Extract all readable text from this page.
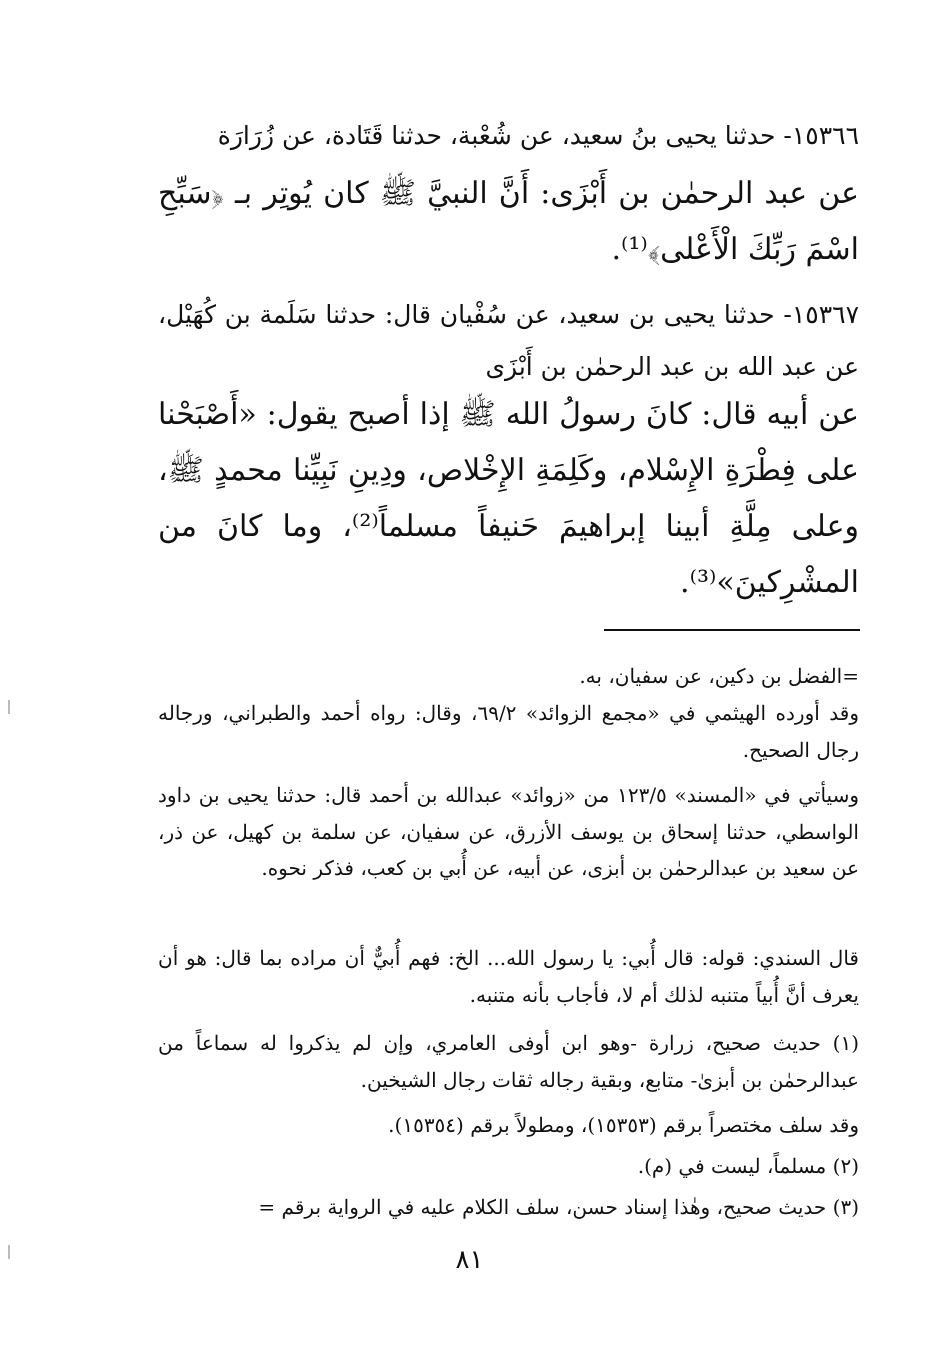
١٥٣٦٦- حدثنا يحيى بنُ سعيد، عن شُعْبة، حدثنا قَتَادة، عن زُرَارَة

عن عبد الرحمٰن بن أَبْزَى: أَنَّ النبيَّ ﷺ كان يُوتِر بـ ﴿سَبِّحِ اسْمَ رَبِّكَ الْأَعْلى﴾⁽¹⁾.

١٥٣٦٧- حدثنا يحيى بن سعيد، عن سُفْيان قال: حدثنا سَلَمة بن كُهَيْل، عن عبد الله بن عبد الرحمٰن بن أَبْزَى

عن أبيه قال: كانَ رسولُ الله ﷺ إذا أصبح يقول: «أَصْبَحْنا على فِطْرَةِ الإِسْلام، وكَلِمَةِ الإِخْلاص، ودِينِ نَبِيِّنا محمدٍ ﷺ، وعلى مِلَّةِ أبينا إبراهيمَ حَنيفاً مسلماً⁽²⁾، وما كانَ من المشْرِكينَ»⁽³⁾.

=الفضل بن دكين، عن سفيان، به.

وقد أورده الهيثمي في «مجمع الزوائد» ٦٩/٢، وقال: رواه أحمد والطبراني، ورجاله رجال الصحيح.

وسيأتي في «المسند» ١٢٣/٥ من «زوائد» عبدالله بن أحمد قال: حدثنا يحيى بن داود الواسطي، حدثنا إسحاق بن يوسف الأزرق، عن سفيان، عن سلمة بن كهيل، عن ذر، عن سعيد بن عبدالرحمٰن بن أبزى، عن أبيه، عن أُبي بن كعب، فذكر نحوه.

قال السندي: قوله: قال أُبي: يا رسول الله... الخ: فهم أُبيٌّ أن مراده بما قال: هو أن يعرف أنَّ أُبياً متنبه لذلك أم لا، فأجاب بأنه متنبه.

(١) حديث صحيح، زرارة -وهو ابن أوفى العامري، وإن لم يذكروا له سماعاً من عبدالرحمٰن بن أبزىٰ- متابع، وبقية رجاله ثقات رجال الشيخين.

وقد سلف مختصراً برقم (١٥٣٥٣)، ومطولاً برقم (١٥٣٥٤).

(٢) مسلماً، ليست في (م).

(٣) حديث صحيح، وهٰذا إسناد حسن، سلف الكلام عليه في الرواية برقم =

٨١
